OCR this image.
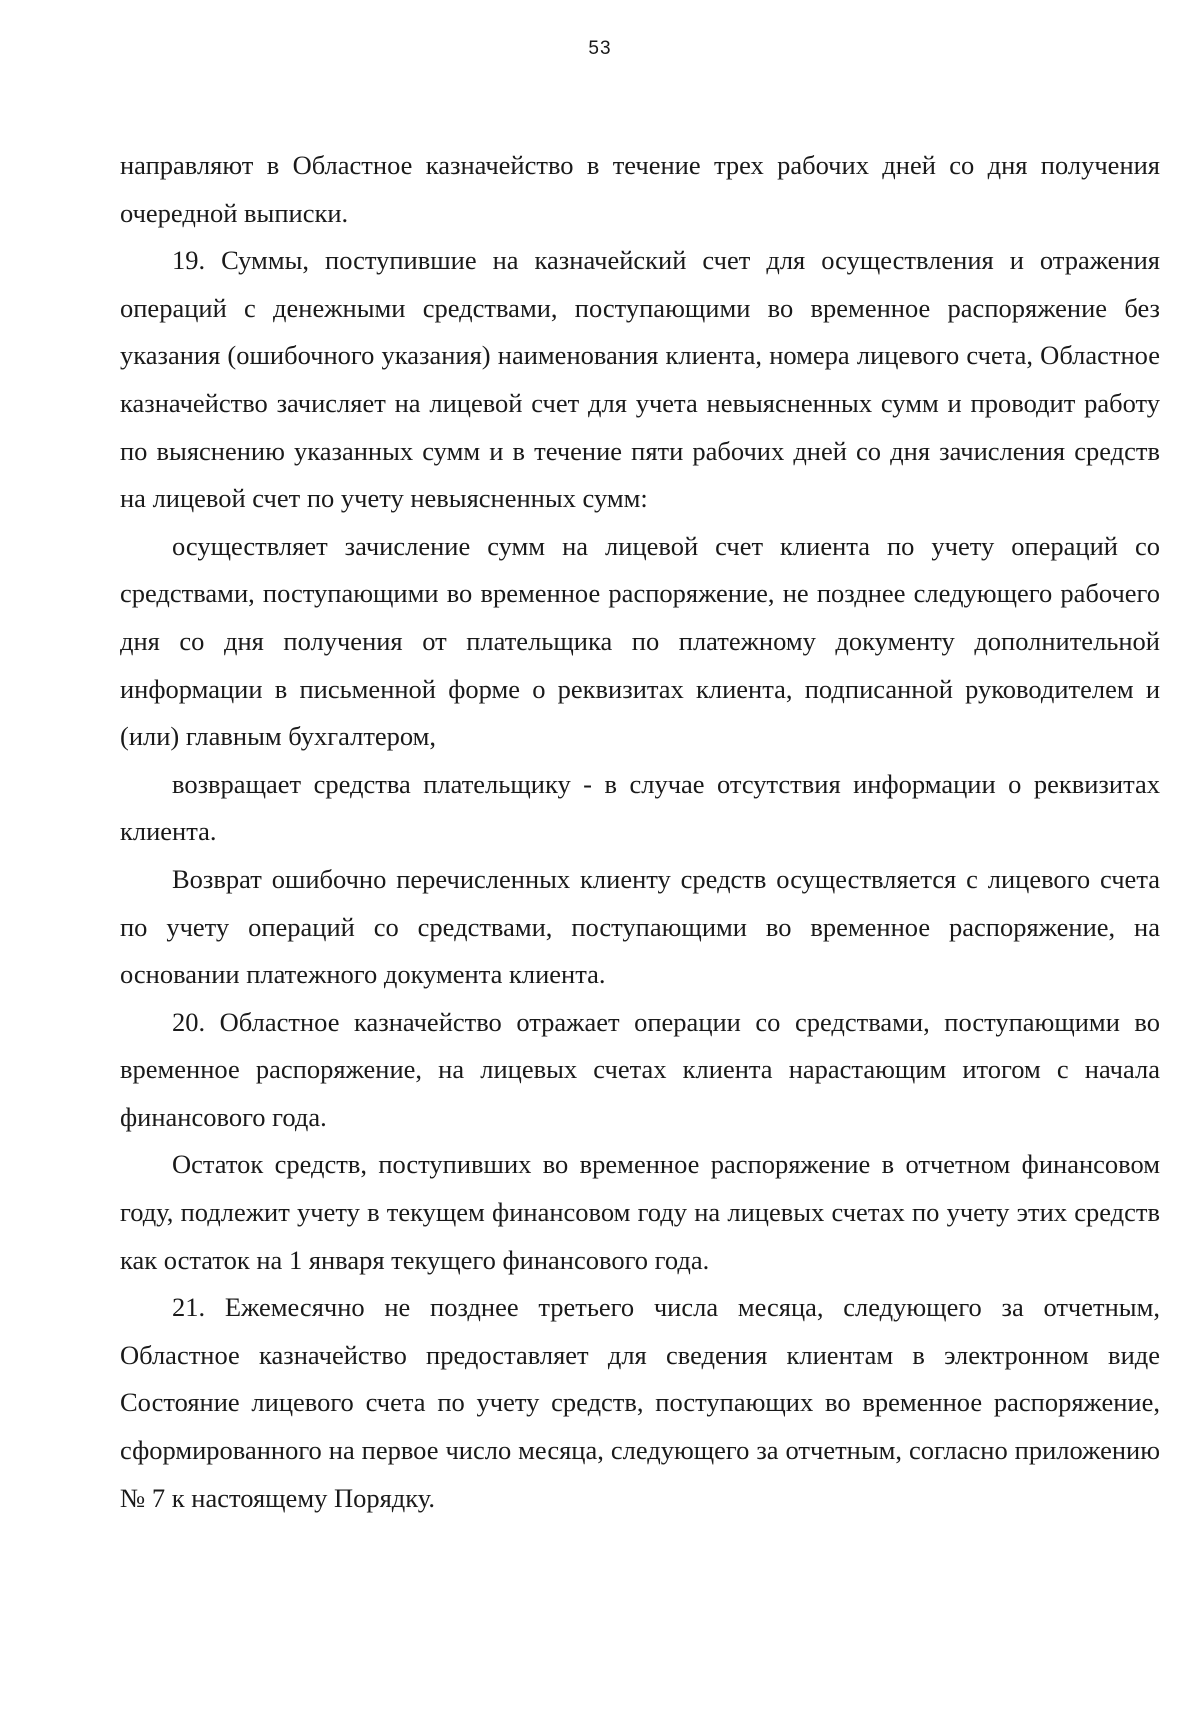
53

направляют в Областное казначейство в течение трех рабочих дней со дня получения очередной выписки.

19. Суммы, поступившие на казначейский счет для осуществления и отражения операций с денежными средствами, поступающими во временное распоряжение без указания (ошибочного указания) наименования клиента, номера лицевого счета, Областное казначейство зачисляет на лицевой счет для учета невыясненных сумм и проводит работу по выяснению указанных сумм и в течение пяти рабочих дней со дня зачисления средств на лицевой счет по учету невыясненных сумм:

осуществляет зачисление сумм на лицевой счет клиента по учету операций со средствами, поступающими во временное распоряжение, не позднее следующего рабочего дня со дня получения от плательщика по платежному документу дополнительной информации в письменной форме о реквизитах клиента, подписанной руководителем и (или) главным бухгалтером,

возвращает средства плательщику - в случае отсутствия информации о реквизитах клиента.

Возврат ошибочно перечисленных клиенту средств осуществляется с лицевого счета по учету операций со средствами, поступающими во временное распоряжение, на основании платежного документа клиента.

20. Областное казначейство отражает операции со средствами, поступающими во временное распоряжение, на лицевых счетах клиента нарастающим итогом с начала финансового года.

Остаток средств, поступивших во временное распоряжение в отчетном финансовом году, подлежит учету в текущем финансовом году на лицевых счетах по учету этих средств как остаток на 1 января текущего финансового года.

21. Ежемесячно не позднее третьего числа месяца, следующего за отчетным, Областное казначейство предоставляет для сведения клиентам в электронном виде Состояние лицевого счета по учету средств, поступающих во временное распоряжение, сформированного на первое число месяца, следующего за отчетным, согласно приложению № 7 к настоящему Порядку.
